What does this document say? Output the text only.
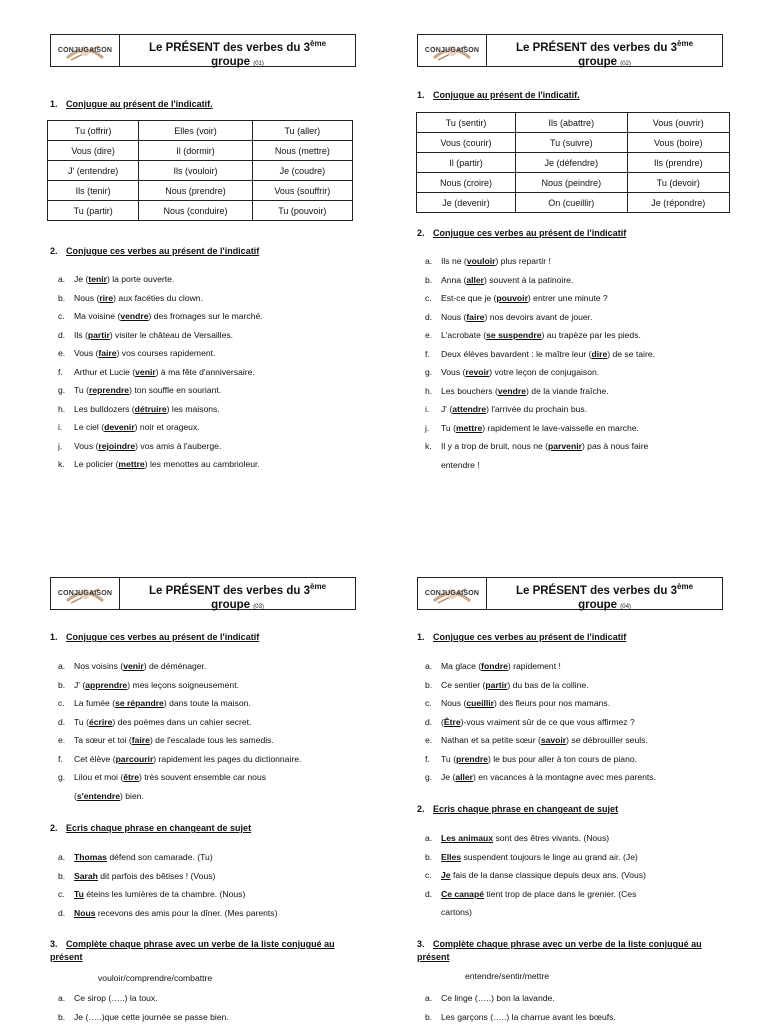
CONJUGAISON	Le PRÉSENT des verbes du 3ème
groupe (01)
1. Conjugue au présent de l'indicatif.
Tu (offrir)	Elles (voir)	Tu (aller)
Vous (dire)	Il (dormir)	Nous (mettre)
J' (entendre)	Ils (vouloir)	Je (coudre)
Ils (tenir)	Nous (prendre)	Vous (souffrir)
Tu (partir)	Nous (conduire)	Tu (pouvoir)
2. Conjugue ces verbes au présent de l'indicatif
a.	Je (tenir) la porte ouverte.
b.	Nous (rire) aux facéties du clown.
c.	Ma voisine (vendre) des fromages sur le marché.
d.	Ils (partir) visiter le château de Versailles.
e.	Vous (faire) vos courses rapidement.
f.	Arthur et Lucie (venir) à ma fête d'anniversaire.
g.	Tu (reprendre) ton souffle en souriant.
h.	Les bulldozers (détruire) les maisons.
i.	Le ciel (devenir) noir et orageux.
j.	Vous (rejoindre) vos amis à l'auberge.
k.	Le policier (mettre) les menottes au cambrioleur.
CONJUGAISON	Le PRÉSENT des verbes du 3ème
groupe (02)
1. Conjugue au présent de l'indicatif.
Tu (sentir)	Ils (abattre)	Vous (ouvrir)
Vous (courir)	Tu (suivre)	Vous (boire)
Il (partir)	Je (défendre)	Ils (prendre)
Nous (croire)	Nous (peindre)	Tu (devoir)
Je (devenir)	On (cueillir)	Je (répondre)
2. Conjugue ces verbes au présent de l'indicatif
a.	Ils ne (vouloir) plus repartir !
b.	Anna (aller) souvent à la patinoire.
c.	Est-ce que je (pouvoir) entrer une minute ?
d.	Nous (faire) nos devoirs avant de jouer.
e.	L'acrobate (se suspendre) au trapèze par les pieds.
f.	Deux élèves bavardent : le maître leur (dire) de se taire.
g.	Vous (revoir) votre leçon de conjugaison.
h.	Les bouchers (vendre) de la viande fraîche.
i.	J' (attendre) l'arrivée du prochain bus.
j.	Tu (mettre) rapidement le lave-vaisselle en marche.
k.	Il y a trop de bruit, nous ne (parvenir) pas à nous faire
entendre !
CONJUGAISON	Le PRÉSENT des verbes du 3ème
groupe (03)
1. Conjugue ces verbes au présent de l'indicatif
a.	Nos voisins (venir) de déménager.
b.	J' (apprendre) mes leçons soigneusement.
c.	La fumée (se répandre) dans toute la maison.
d.	Tu (écrire) des poèmes dans un cahier secret.
e.	Ta sœur et toi (faire) de l'escalade tous les samedis.
f.	Cet élève (parcourir) rapidement les pages du dictionnaire.
g.	Lilou et moi (être) très souvent ensemble car nous
(s'entendre) bien.
2. Ecris chaque phrase en changeant de sujet
a.	Thomas défend son camarade. (Tu)
b.	Sarah dit parfois des bêtises ! (Vous)
c.	Tu éteins les lumières de ta chambre. (Nous)
d.	Nous recevons des amis pour la dîner. (Mes parents)
3. Complète chaque phrase avec un verbe de la liste conjugué au présent
vouloir/comprendre/combattre
a.	Ce sirop (…..) la toux.
b.	Je (…..)que cette journée se passe bien.
CONJUGAISON	Le PRÉSENT des verbes du 3ème
groupe (04)
1. Conjugue ces verbes au présent de l'indicatif
a.	Ma glace (fondre) rapidement !
b.	Ce sentier (partir) du bas de la colline.
c.	Nous (cueillir) des fleurs pour nos mamans.
d.	(Être)-vous vraiment sûr de ce que vous affirmez ?
e.	Nathan et sa petite sœur (savoir) se débrouiller seuls.
f.	Tu (prendre) le bus pour aller à ton cours de piano.
g.	Je (aller) en vacances à la montagne avec mes parents.
2. Ecris chaque phrase en changeant de sujet
a.	Les animaux sont des êtres vivants. (Nous)
b.	Elles suspendent toujours le linge au grand air. (Je)
c.	Je fais de la danse classique depuis deux ans. (Vous)
d.	Ce canapé tient trop de place dans le grenier. (Ces
cartons)
3. Complète chaque phrase avec un verbe de la liste conjugué au présent
entendre/sentir/mettre
a.	Ce linge (…..) bon la lavande.
b.	Les garçons (…..) la charrue avant les bœufs.
